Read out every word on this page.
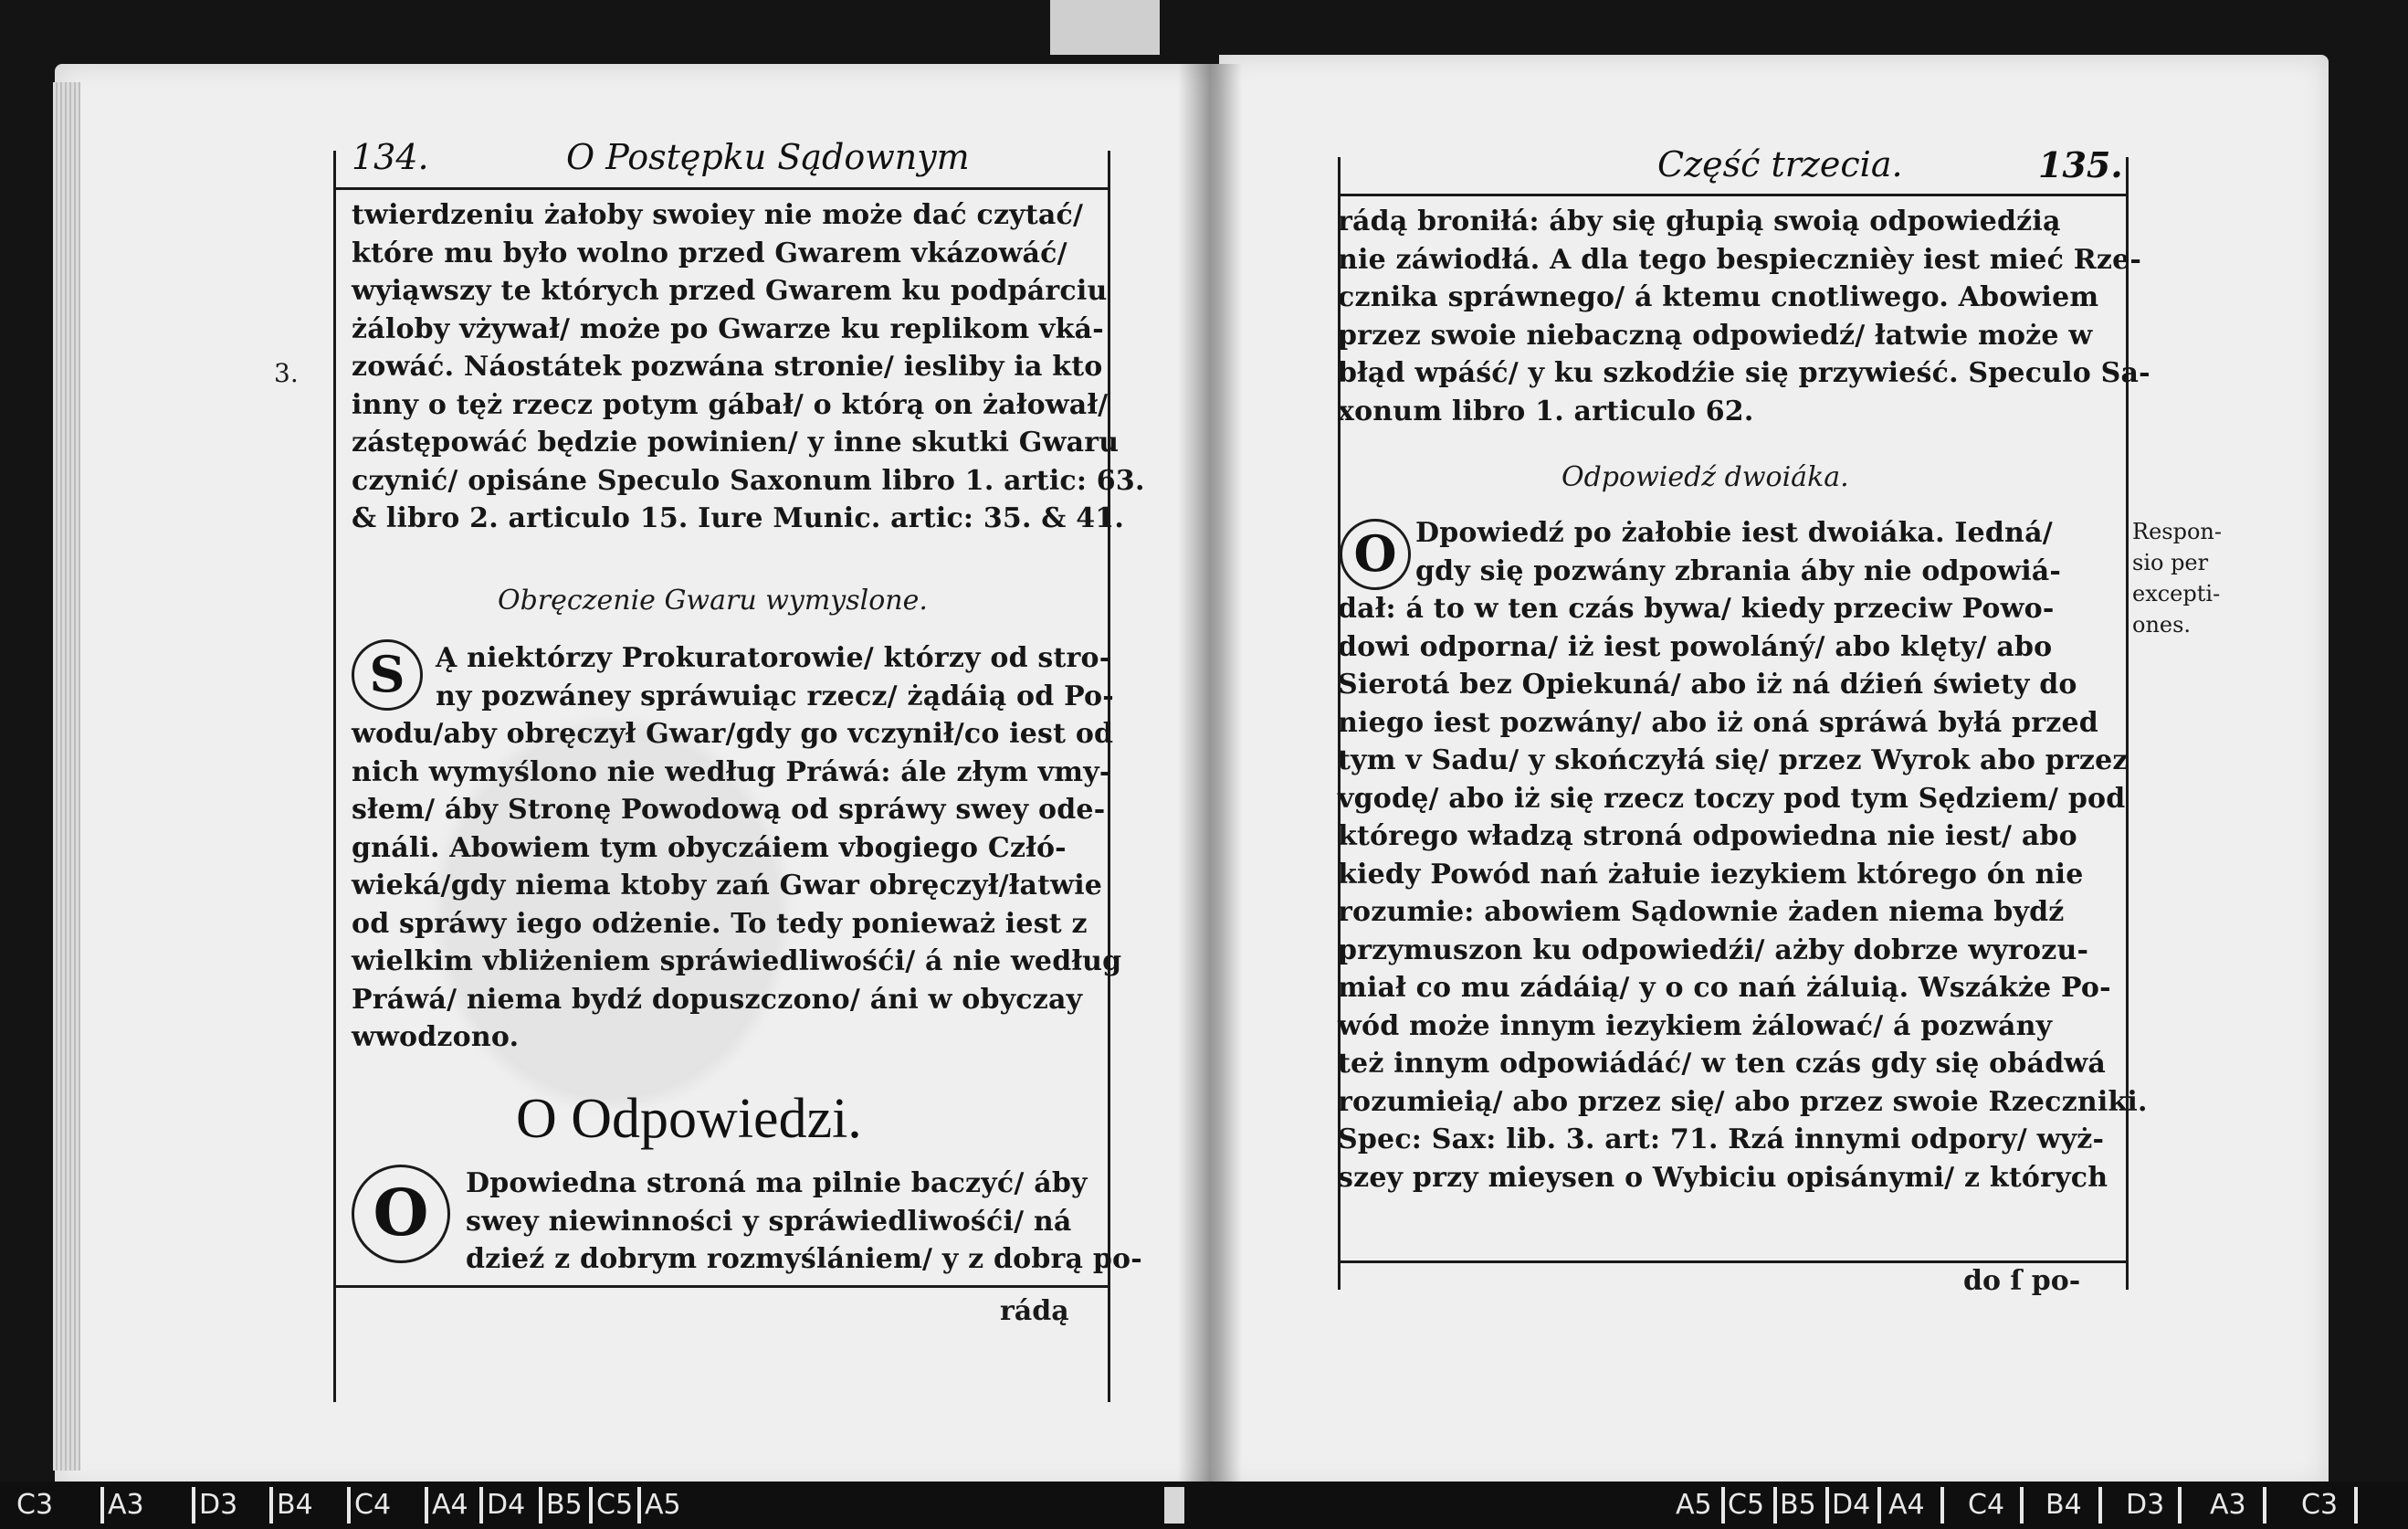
134.	O Postępku Sądownym
3.
twierdzeniu żałoby swoiey nie może dać czytać/
które mu było wolno przed Gwarem vkázowáć/
wyiąwszy te których przed Gwarem ku podpárciu
żáloby vżywał/ może po Gwarze ku replikom vká-
zowáć. Náostátek pozwána stronie/ iesliby ia kto
inny o tęż rzecz potym gábał/ o którą on żałował/
zástępowáć będzie powinien/ y inne skutki Gwaru
czynić/ opisáne Speculo Saxonum libro 1. artic: 63.
& libro 2. articulo 15. Iure Munic. artic: 35. & 41.
Obręczenie Gwaru wymyslone.
S	Ą niektórzy Prokuratorowie/ którzy od stro-
ny pozwáney spráwuiąc rzecz/ żądáią od Po-
wodu/aby obręczył Gwar/gdy go vczynił/co iest od
nich wymyślono nie według Práwá: ále złym vmy-
słem/ áby Stronę Powodową od spráwy swey ode-
gnáli. Abowiem tym obyczáiem vbogiego Człó-
wieká/gdy niema ktoby zań Gwar obręczył/łatwie
od spráwy iego odżenie. To tedy ponieważ iest z
wielkim vbliżeniem spráwiedliwośći/ á nie według
Práwá/ niema bydź dopuszczono/ áni w obyczay
wwodzono.
O Odpowiedzi.
O	Dpowiedna stroná ma pilnie baczyć/ áby
swey niewinności y spráwiedliwośći/ ná
dzieź z dobrym rozmyślániem/ y z dobrą po-
rádą
Część trzecia.	135.
rádą broniłá: áby się głupią swoią odpowiedźią
nie záwiodłá. A dla tego bespiecznièy iest mieć Rze-
cznika spráwnego/ á ktemu cnotliwego. Abowiem
przez swoie niebaczną odpowiedź/ łatwie może w
błąd wpáść/ y ku szkodźie się przywieść. Speculo Sa-
xonum libro 1. articulo 62.
Odpowiedź dwoiáka.
O Dpowiedź po żałobie iest dwoiáka. Iedná/
gdy się pozwány zbrania áby nie odpowiá-
dał: á to w ten czás bywa/ kiedy przeciw Powo-
dowi odporna/ iż iest powoláný/ abo klęty/ abo
Sierotá bez Opiekuná/ abo iż ná dźień świety do
niego iest pozwány/ abo iż oná spráwá byłá przed
tym v Sadu/ y skończyłá się/ przez Wyrok abo przez
vgodę/ abo iż się rzecz toczy pod tym Sędziem/ pod
którego władzą stroná odpowiedna nie iest/ abo
kiedy Powód nań żałuie iezykiem którego ón nie
rozumie: abowiem Sądownie żaden niema bydź
przymuszon ku odpowiedźi/ ażby dobrze wyrozu-
miał co mu zádáią/ y o co nań żáluią. Wszákże Po-
wód może innym iezykiem żálować/ á pozwány
też innym odpowiádáć/ w ten czás gdy się obádwá
rozumieią/ abo przez się/ abo przez swoie Rzeczniki.
Spec: Sax: lib. 3. art: 71. Rzá innymi odpory/ wyż-
szey przy mieysen o Wybiciu opisánymi/ z których
do ſ po-
Respon-
sio per
excepti-
ones.
C3 A3 D3 B4 C4 A4 D4 B5 C5 A5	A5 C5 B5 D4 A4 C4 B4 D3 A3 C3
